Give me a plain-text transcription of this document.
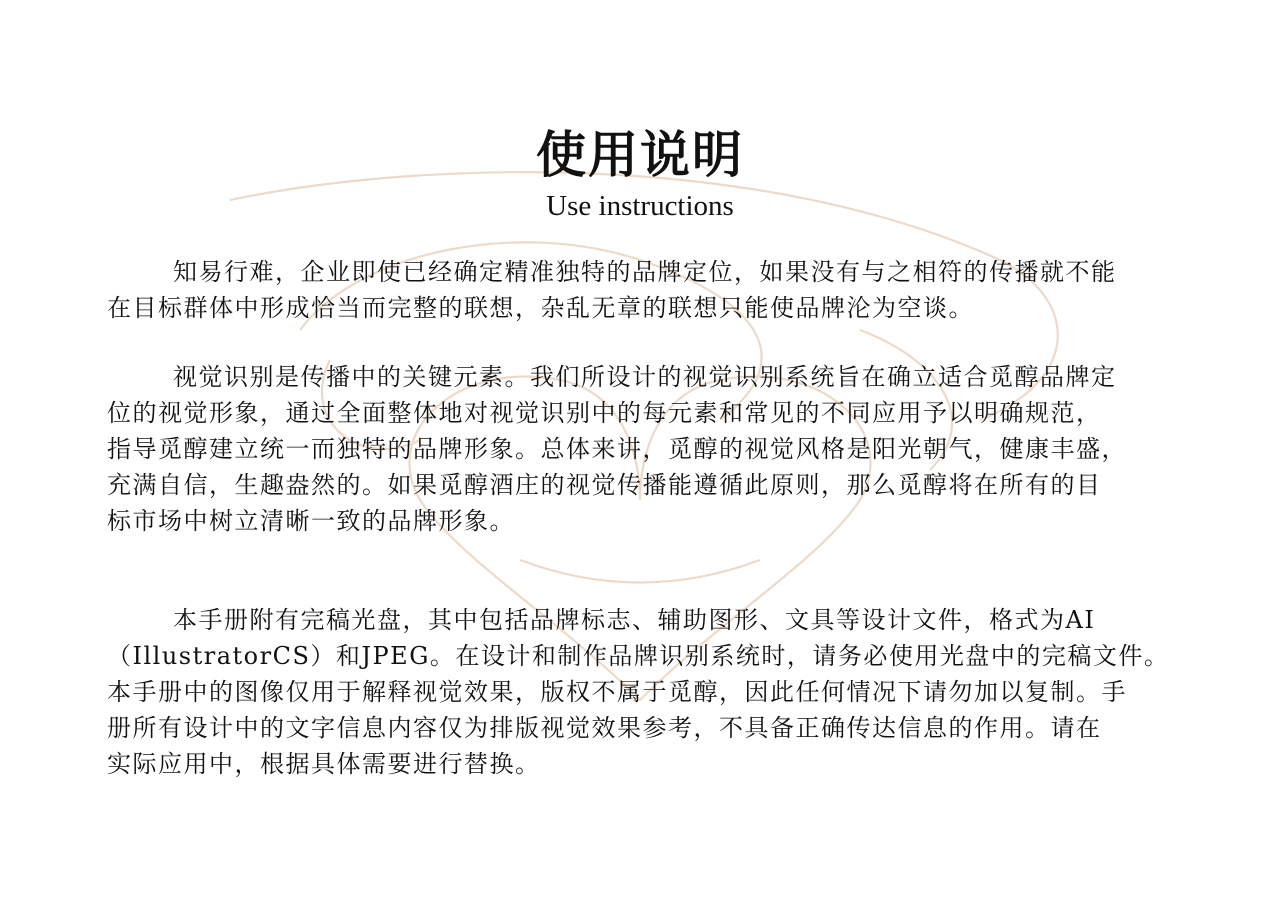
使用说明
Use instructions
知易行难，企业即使已经确定精准独特的品牌定位，如果没有与之相符的传播就不能
在目标群体中形成恰当而完整的联想，杂乱无章的联想只能使品牌沦为空谈。
视觉识别是传播中的关键元素。我们所设计的视觉识别系统旨在确立适合觅醇品牌定
位的视觉形象，通过全面整体地对视觉识别中的每元素和常见的不同应用予以明确规范，
指导觅醇建立统一而独特的品牌形象。总体来讲，觅醇的视觉风格是阳光朝气，健康丰盛，
充满自信，生趣盎然的。如果觅醇酒庄的视觉传播能遵循此原则，那么觅醇将在所有的目
标市场中树立清晰一致的品牌形象。
本手册附有完稿光盘，其中包括品牌标志、辅助图形、文具等设计文件，格式为AI
（IllustratorCS）和JPEG。在设计和制作品牌识别系统时，请务必使用光盘中的完稿文件。
本手册中的图像仅用于解释视觉效果，版权不属于觅醇，因此任何情况下请勿加以复制。手
册所有设计中的文字信息内容仅为排版视觉效果参考，不具备正确传达信息的作用。请在
实际应用中，根据具体需要进行替换。
